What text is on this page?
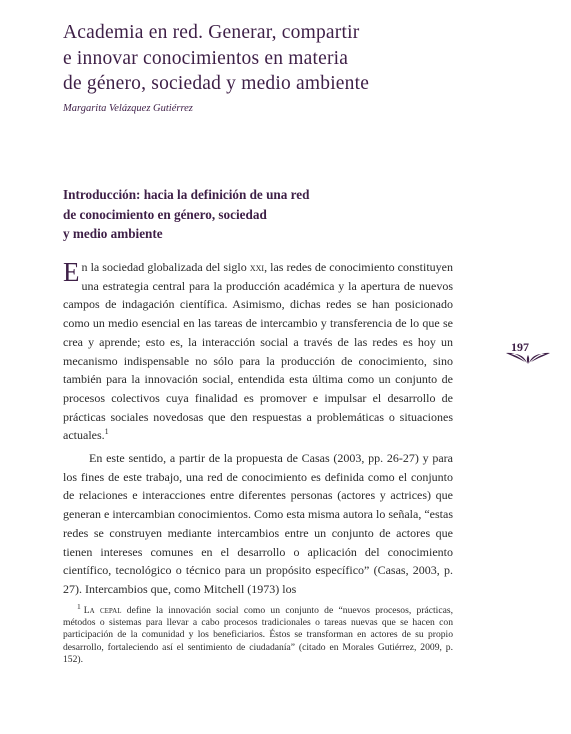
Academia en red. Generar, compartir
e innovar conocimientos en materia
de género, sociedad y medio ambiente
Margarita Velázquez Gutiérrez
Introducción: hacia la definición de una red
de conocimiento en género, sociedad
y medio ambiente

En la sociedad globalizada del siglo xxi, las redes de conocimiento constituyen una estrategia central para la producción académica y la apertura de nuevos campos de indagación científica. Asimismo, dichas redes se han posicionado como un medio esencial en las tareas de intercambio y transferencia de lo que se crea y aprende; esto es, la interacción social a través de las redes es hoy un mecanismo indispensable no sólo para la producción de conocimiento, sino también para la innovación social, entendida esta última como un conjunto de procesos colectivos cuya finalidad es promover e impulsar el desarrollo de prácticas sociales novedosas que den respuestas a problemáticas o situaciones actuales.$^1$

En este sentido, a partir de la propuesta de Casas (2003, pp. 26-27) y para los fines de este trabajo, una red de conocimiento es definida como el conjunto de relaciones e interacciones entre diferentes personas (actores y actrices) que generan e intercambian conocimientos. Como esta misma autora lo señala, “estas redes se construyen mediante intercambios entre un conjunto de actores que tienen intereses comunes en el desarrollo o aplicación del conocimiento científico, tecnológico o técnico para un propósito específico” (Casas, 2003, p. 27). Intercambios que, como Mitchell (1973) los

$^1$ La cepal define la innovación social como un conjunto de “nuevos procesos, prácticas, métodos o sistemas para llevar a cabo procesos tradicionales o tareas nuevas que se hacen con participación de la comunidad y los beneficiarios. Éstos se transforman en actores de su propio desarrollo, fortaleciendo así el sentimiento de ciudadanía” (citado en Morales Gutiérrez, 2009, p. 152).

197
